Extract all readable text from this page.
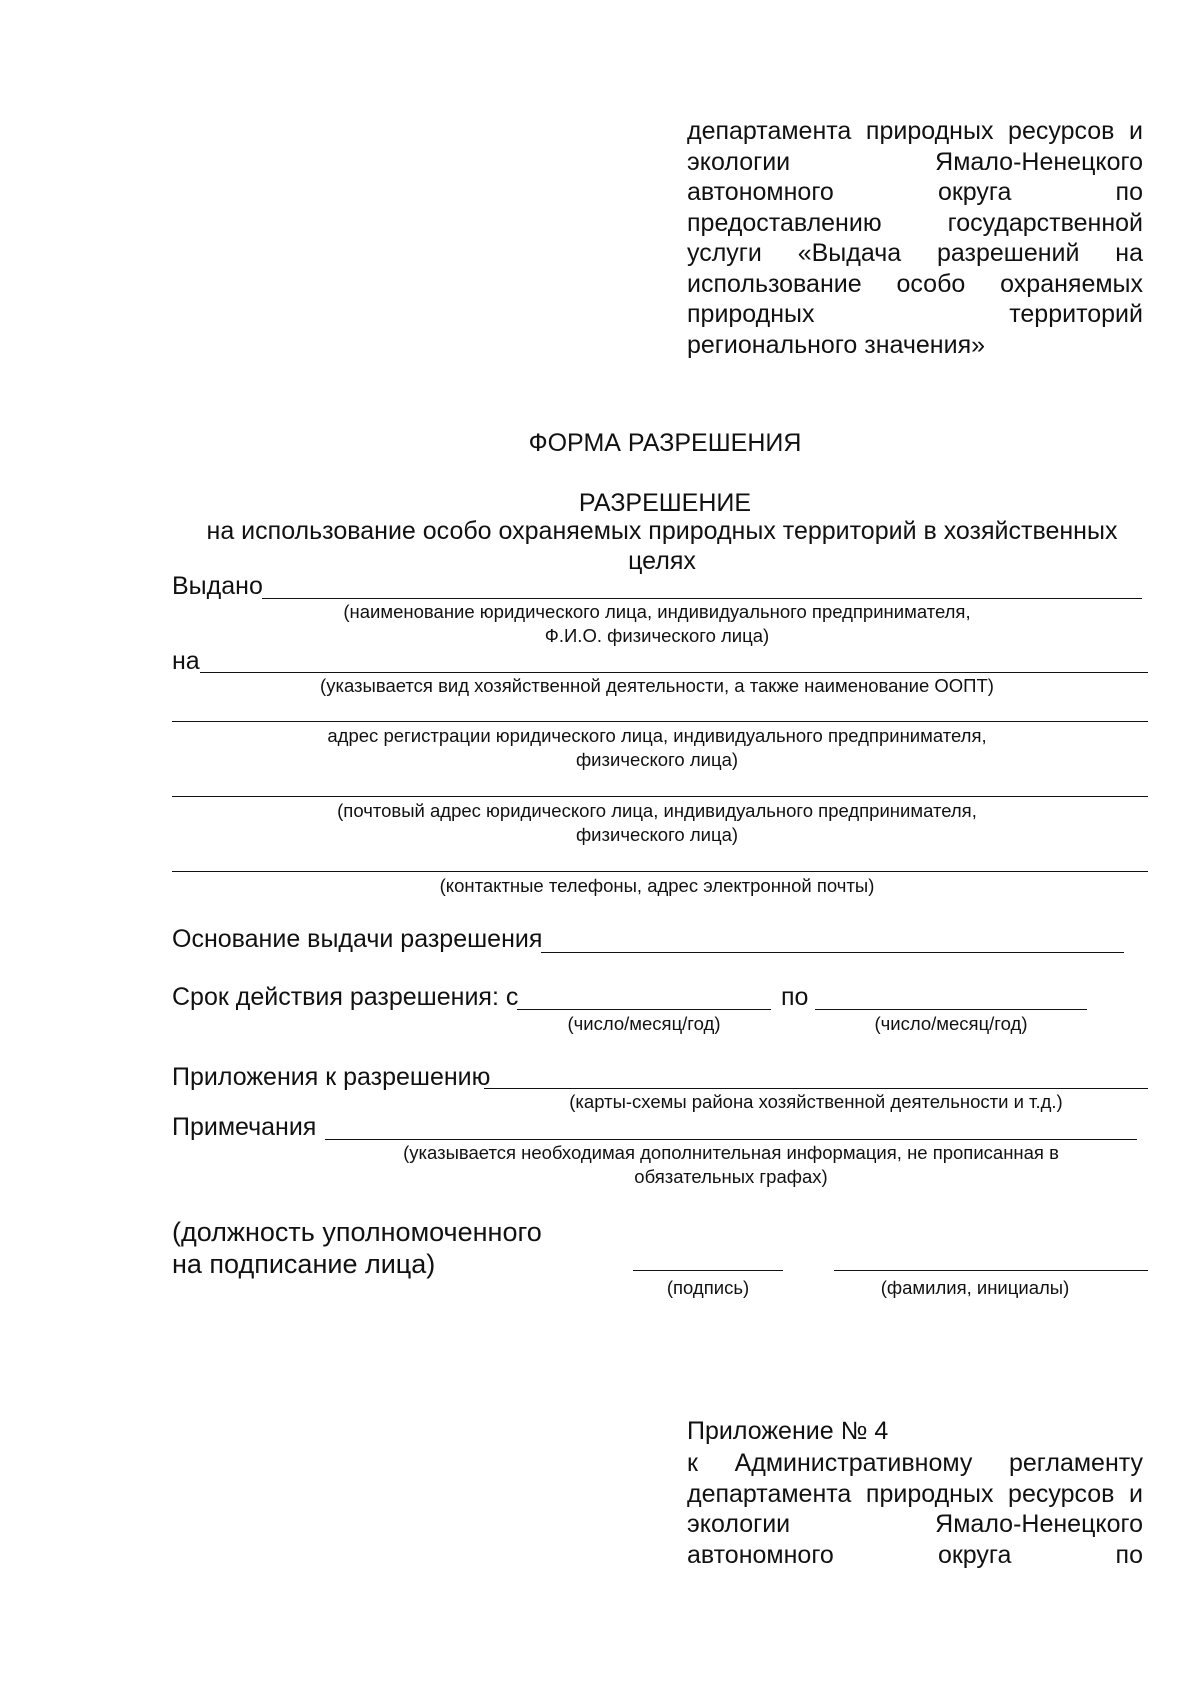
департамента природных ресурсов и
экологии Ямало-Ненецкого
автономного округа по
предоставлению государственной
услуги «Выдача разрешений на
использование особо охраняемых
природных территорий
регионального значения»
ФОРМА РАЗРЕШЕНИЯ
РАЗРЕШЕНИЕ
на использование особо охраняемых природных территорий в хозяйственных целях
Выдано
(наименование юридического лица, индивидуального предпринимателя,
Ф.И.О. физического лица)
на
(указывается вид хозяйственной деятельности, а также наименование ООПТ)
адрес регистрации юридического лица, индивидуального предпринимателя,
физического лица)
(почтовый адрес юридического лица, индивидуального предпринимателя,
физического лица)
(контактные телефоны, адрес электронной почты)
Основание выдачи разрешения
Срок действия разрешения: с	по
(число/месяц/год)	(число/месяц/год)
Приложения к разрешению
(карты-схемы района хозяйственной деятельности и т.д.)
Примечания
(указывается необходимая дополнительная информация, не прописанная в
обязательных графах)
(должность уполномоченного
на подписание лица)
(подпись)	(фамилия, инициалы)
Приложение № 4
к Административному регламенту
департамента природных ресурсов и
экологии Ямало-Ненецкого
автономного округа по
